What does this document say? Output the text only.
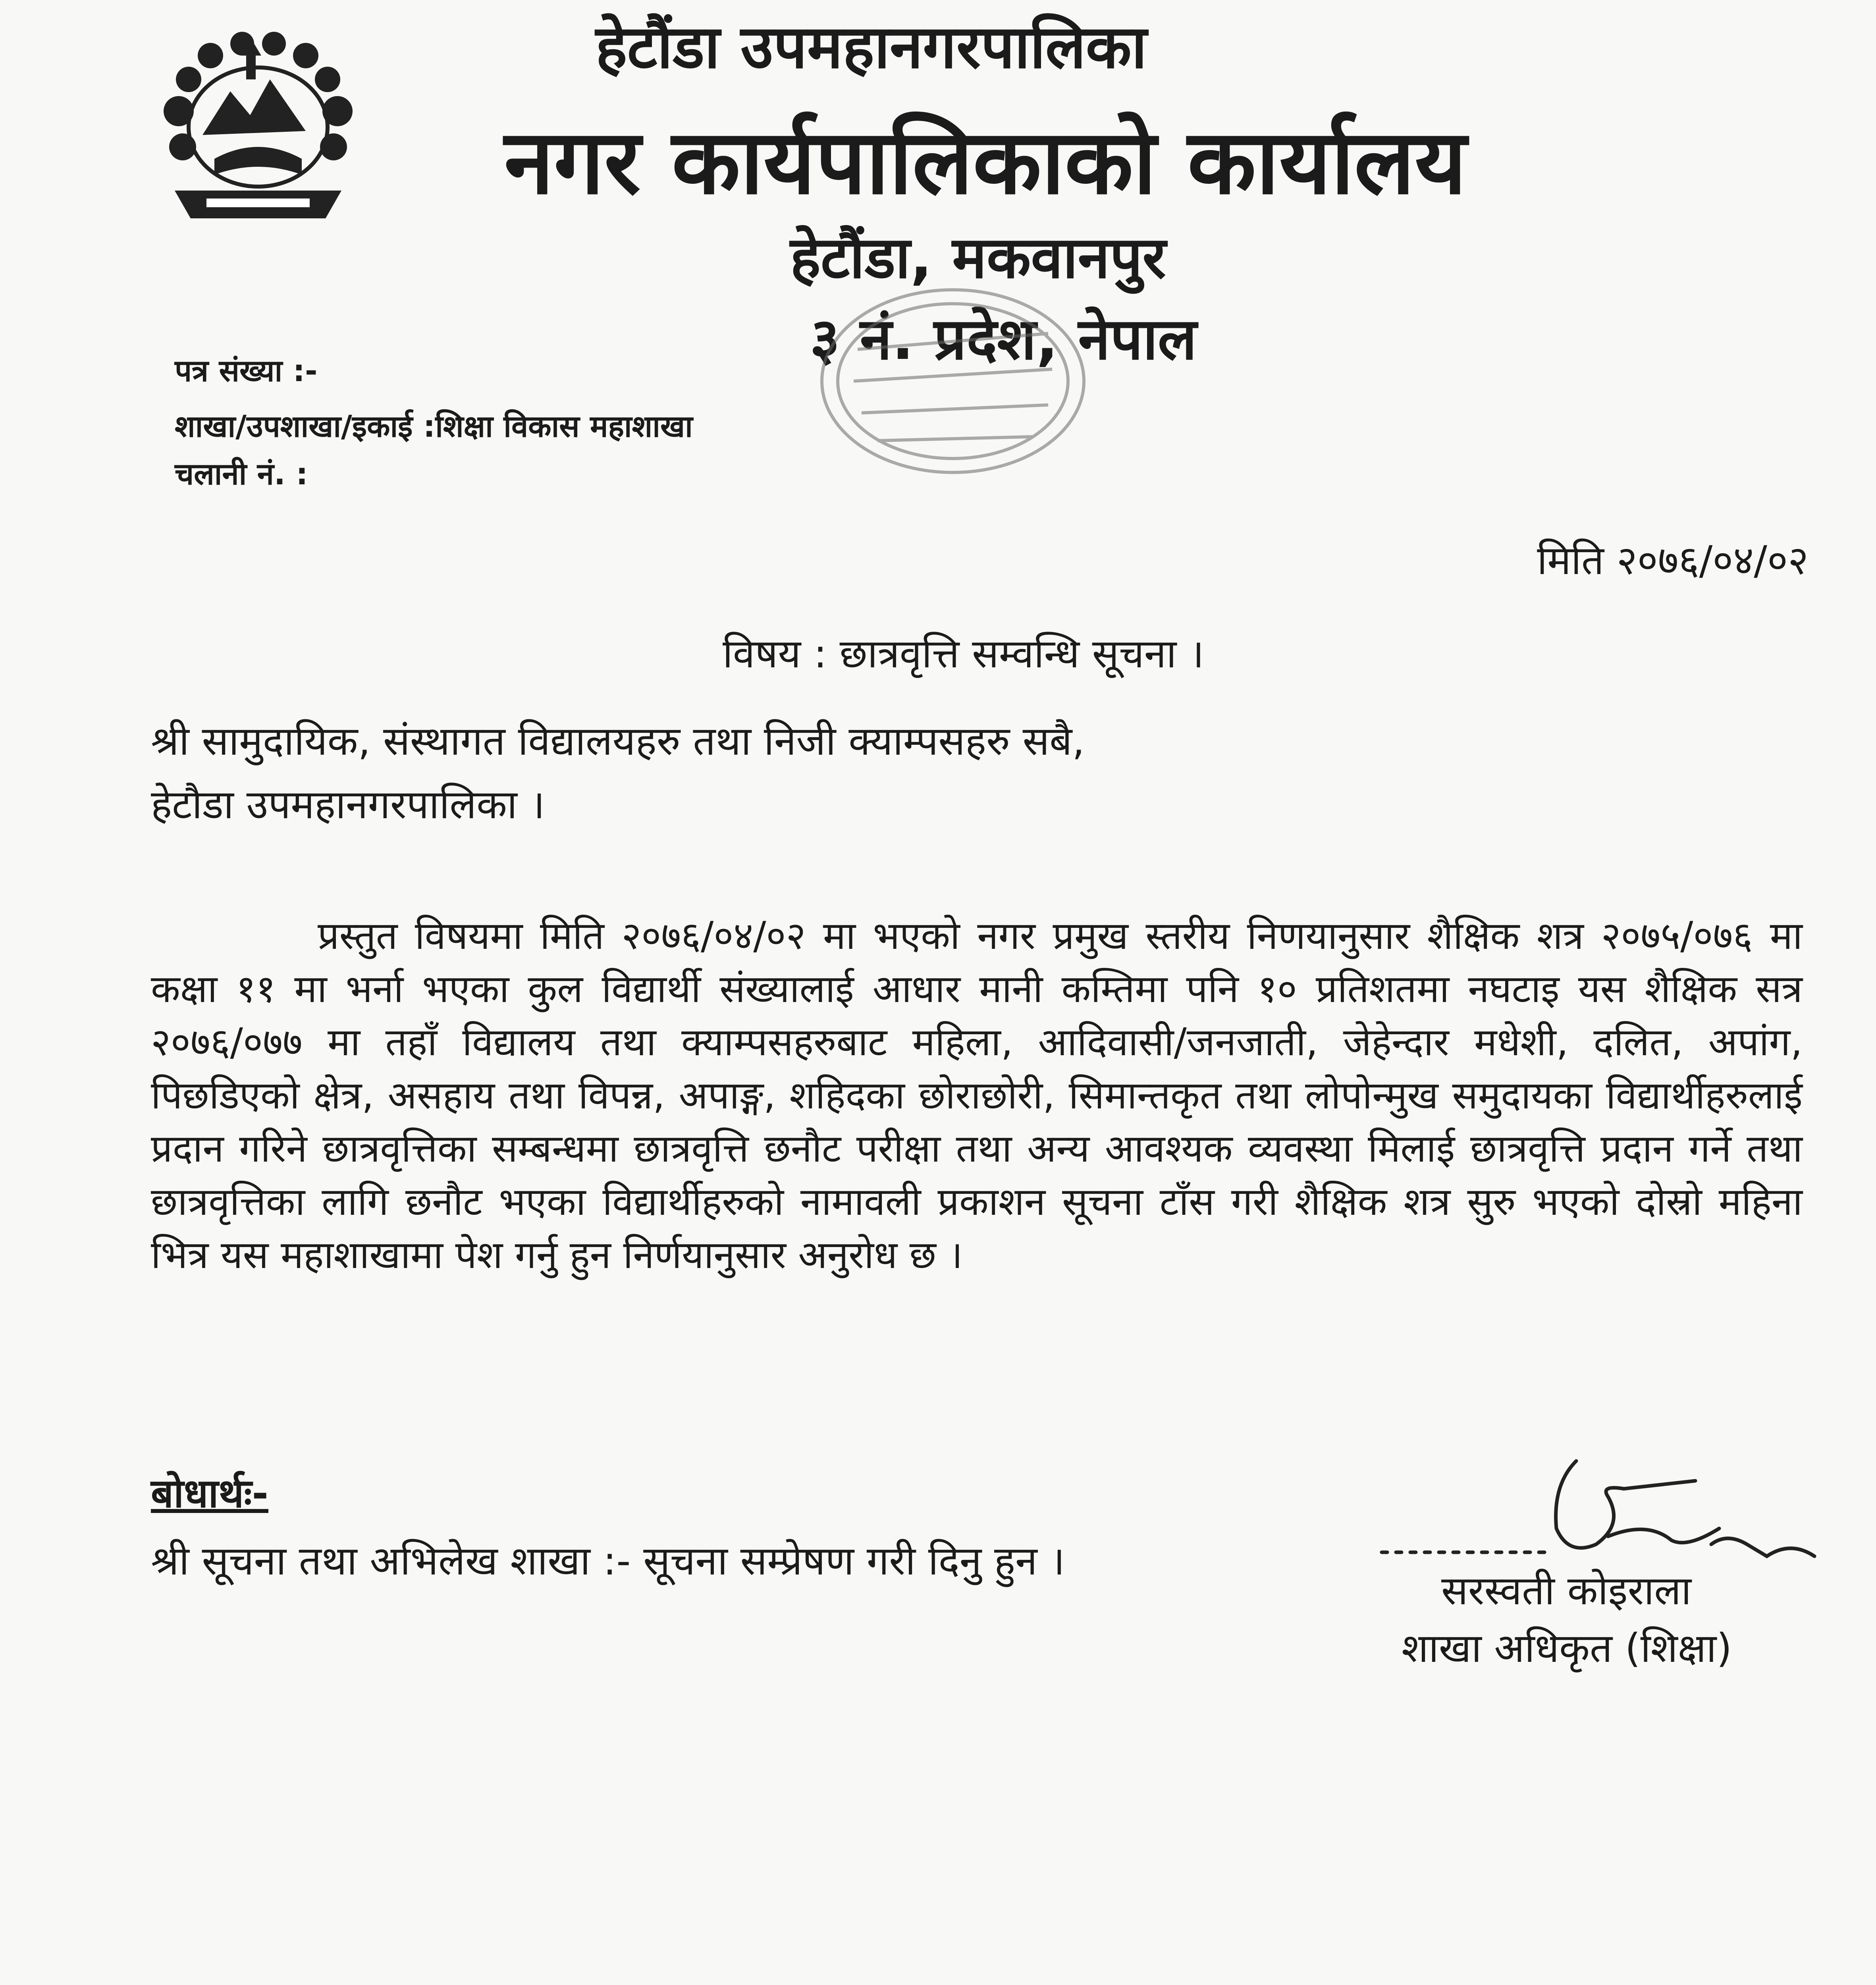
हेटौंडा उपमहानगरपालिका
नगर कार्यपालिकाको कार्यालय
हेटौंडा, मकवानपुर
३ नं. प्रदेश, नेपाल
पत्र संख्या :-
शाखा/उपशाखा/इकाई :शिक्षा विकास महाशाखा
चलानी नं. :
मिति २०७६/०४/०२
विषय : छात्रवृत्ति सम्वन्धि सूचना ।
श्री सामुदायिक, संस्थागत विद्यालयहरु तथा निजी क्याम्पसहरु सबै,
हेटौडा उपमहानगरपालिका ।
प्रस्तुत विषयमा मिति २०७६/०४/०२ मा भएको नगर प्रमुख स्तरीय निणयानुसार शैक्षिक शत्र २०७५/०७६ मा कक्षा ११ मा भर्ना भएका कुल विद्यार्थी संख्यालाई आधार मानी कम्तिमा पनि १० प्रतिशतमा नघटाइ यस शैक्षिक सत्र २०७६/०७७ मा तहाँ विद्यालय तथा क्याम्पसहरुबाट महिला, आदिवासी/जनजाती, जेहेन्दार मधेशी, दलित, अपांग, पिछडिएको क्षेत्र, असहाय तथा विपन्न, अपाङ्ग, शहिदका छोराछोरी, सिमान्तकृत तथा लोपोन्मुख समुदायका विद्यार्थीहरुलाई प्रदान गरिने छात्रवृत्तिका सम्बन्धमा छात्रवृत्ति छनौट परीक्षा तथा अन्य आवश्यक व्यवस्था मिलाई छात्रवृत्ति प्रदान गर्ने तथा छात्रवृत्तिका लागि छनौट भएका विद्यार्थीहरुको नामावली प्रकाशन सूचना टाँस गरी शैक्षिक शत्र सुरु भएको दोस्रो महिना भित्र यस महाशाखामा पेश गर्नु हुन निर्णयानुसार अनुरोध छ ।
बोधार्थः-
श्री सूचना तथा अभिलेख शाखा :- सूचना सम्प्रेषण गरी दिनु हुन ।
सरस्वती कोइराला
शाखा अधिकृत (शिक्षा)
